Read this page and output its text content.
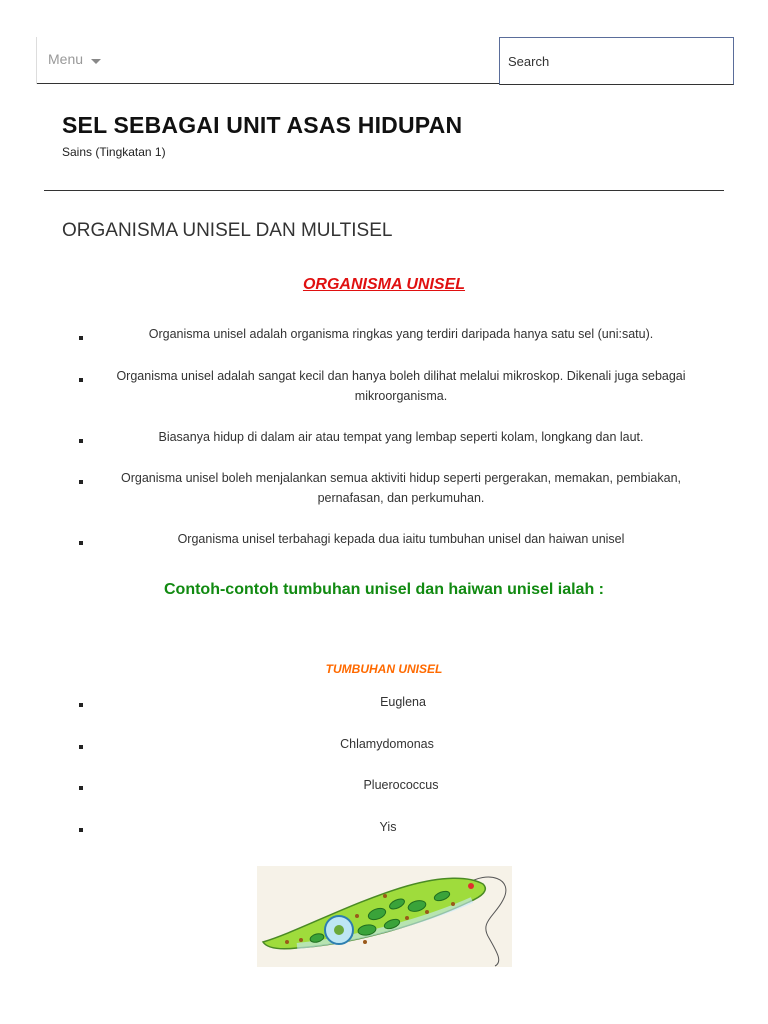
Menu
Search
SEL SEBAGAI UNIT ASAS HIDUPAN
Sains (Tingkatan 1)
ORGANISMA UNISEL DAN MULTISEL
ORGANISMA UNISEL
Organisma unisel adalah organisma ringkas yang terdiri daripada hanya satu sel (uni:satu).
Organisma unisel adalah sangat kecil dan hanya boleh dilihat melalui mikroskop. Dikenali juga sebagai mikroorganisma.
Biasanya hidup di dalam air atau tempat yang lembap seperti kolam, longkang dan laut.
Organisma unisel boleh menjalankan semua aktiviti hidup seperti pergerakan, memakan, pembiakan, pernafasan, dan perkumuhan.
Organisma unisel terbahagi kepada dua iaitu tumbuhan unisel dan haiwan unisel
Contoh-contoh tumbuhan unisel dan haiwan unisel ialah :
TUMBUHAN UNISEL
Euglena
Chlamydomonas
Pluerococcus
Yis
